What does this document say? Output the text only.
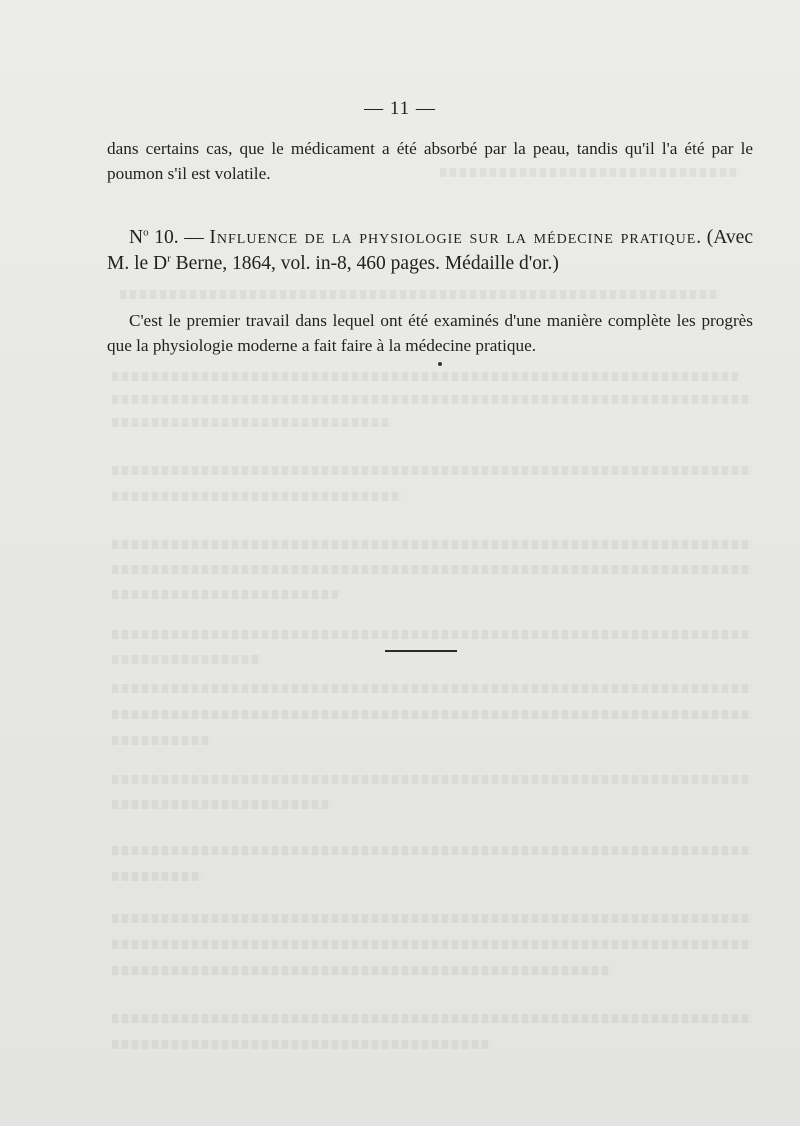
— 11 —

dans certains cas, que le médicament a été absorbé par la peau, tandis qu'il l'a été par le poumon s'il est volatile.

$N^o$ 10. — Influence de la physiologie sur la médecine pratique. (Avec M. le $D^r$ Berne, 1864, vol. in-8, 460 pages. Médaille d'or.)

C'est le premier travail dans lequel ont été examinés d'une manière complète les progrès que la physiologie moderne a fait faire à la médecine pratique.
